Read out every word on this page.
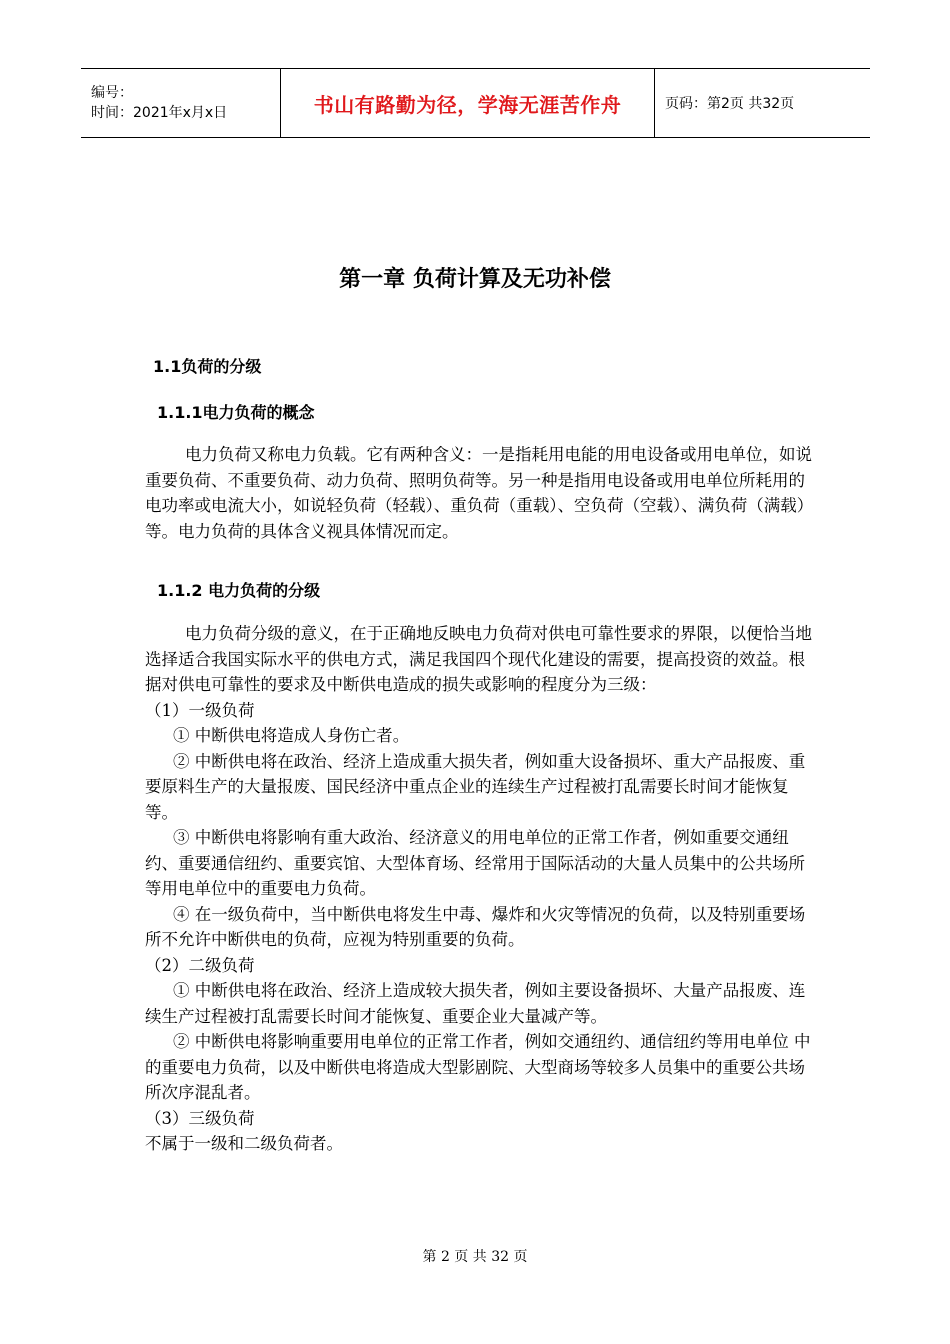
编号：
时间：2021年x月x日	书山有路勤为径，学海无涯苦作舟	页码：第2页 共32页
第一章 负荷计算及无功补偿
1.1负荷的分级
1.1.1电力负荷的概念

电力负荷又称电力负载。它有两种含义：一是指耗用电能的用电设备或用电单位，如说重要负荷、不重要负荷、动力负荷、照明负荷等。另一种是指用电设备或用电单位所耗用的电功率或电流大小，如说轻负荷（轻载）、重负荷（重载）、空负荷（空载）、满负荷（满载）等。电力负荷的具体含义视具体情况而定。

1.1.2 电力负荷的分级

电力负荷分级的意义，在于正确地反映电力负荷对供电可靠性要求的界限，以便恰当地选择适合我国实际水平的供电方式，满足我国四个现代化建设的需要，提高投资的效益。根据对供电可靠性的要求及中断供电造成的损失或影响的程度分为三级：

（1）一级负荷

① 中断供电将造成人身伤亡者。

② 中断供电将在政治、经济上造成重大损失者，例如重大设备损坏、重大产品报废、重要原料生产的大量报废、国民经济中重点企业的连续生产过程被打乱需要长时间才能恢复等。

③ 中断供电将影响有重大政治、经济意义的用电单位的正常工作者，例如重要交通纽约、重要通信纽约、重要宾馆、大型体育场、经常用于国际活动的大量人员集中的公共场所等用电单位中的重要电力负荷。

④ 在一级负荷中，当中断供电将发生中毒、爆炸和火灾等情况的负荷，以及特别重要场所不允许中断供电的负荷，应视为特别重要的负荷。

（2）二级负荷

① 中断供电将在政治、经济上造成较大损失者，例如主要设备损坏、大量产品报废、连续生产过程被打乱需要长时间才能恢复、重要企业大量减产等。

② 中断供电将影响重要用电单位的正常工作者，例如交通纽约、通信纽约等用电单位 中的重要电力负荷，以及中断供电将造成大型影剧院、大型商场等较多人员集中的重要公共场所次序混乱者。

（3）三级负荷

不属于一级和二级负荷者。

第 2 页 共 32 页
